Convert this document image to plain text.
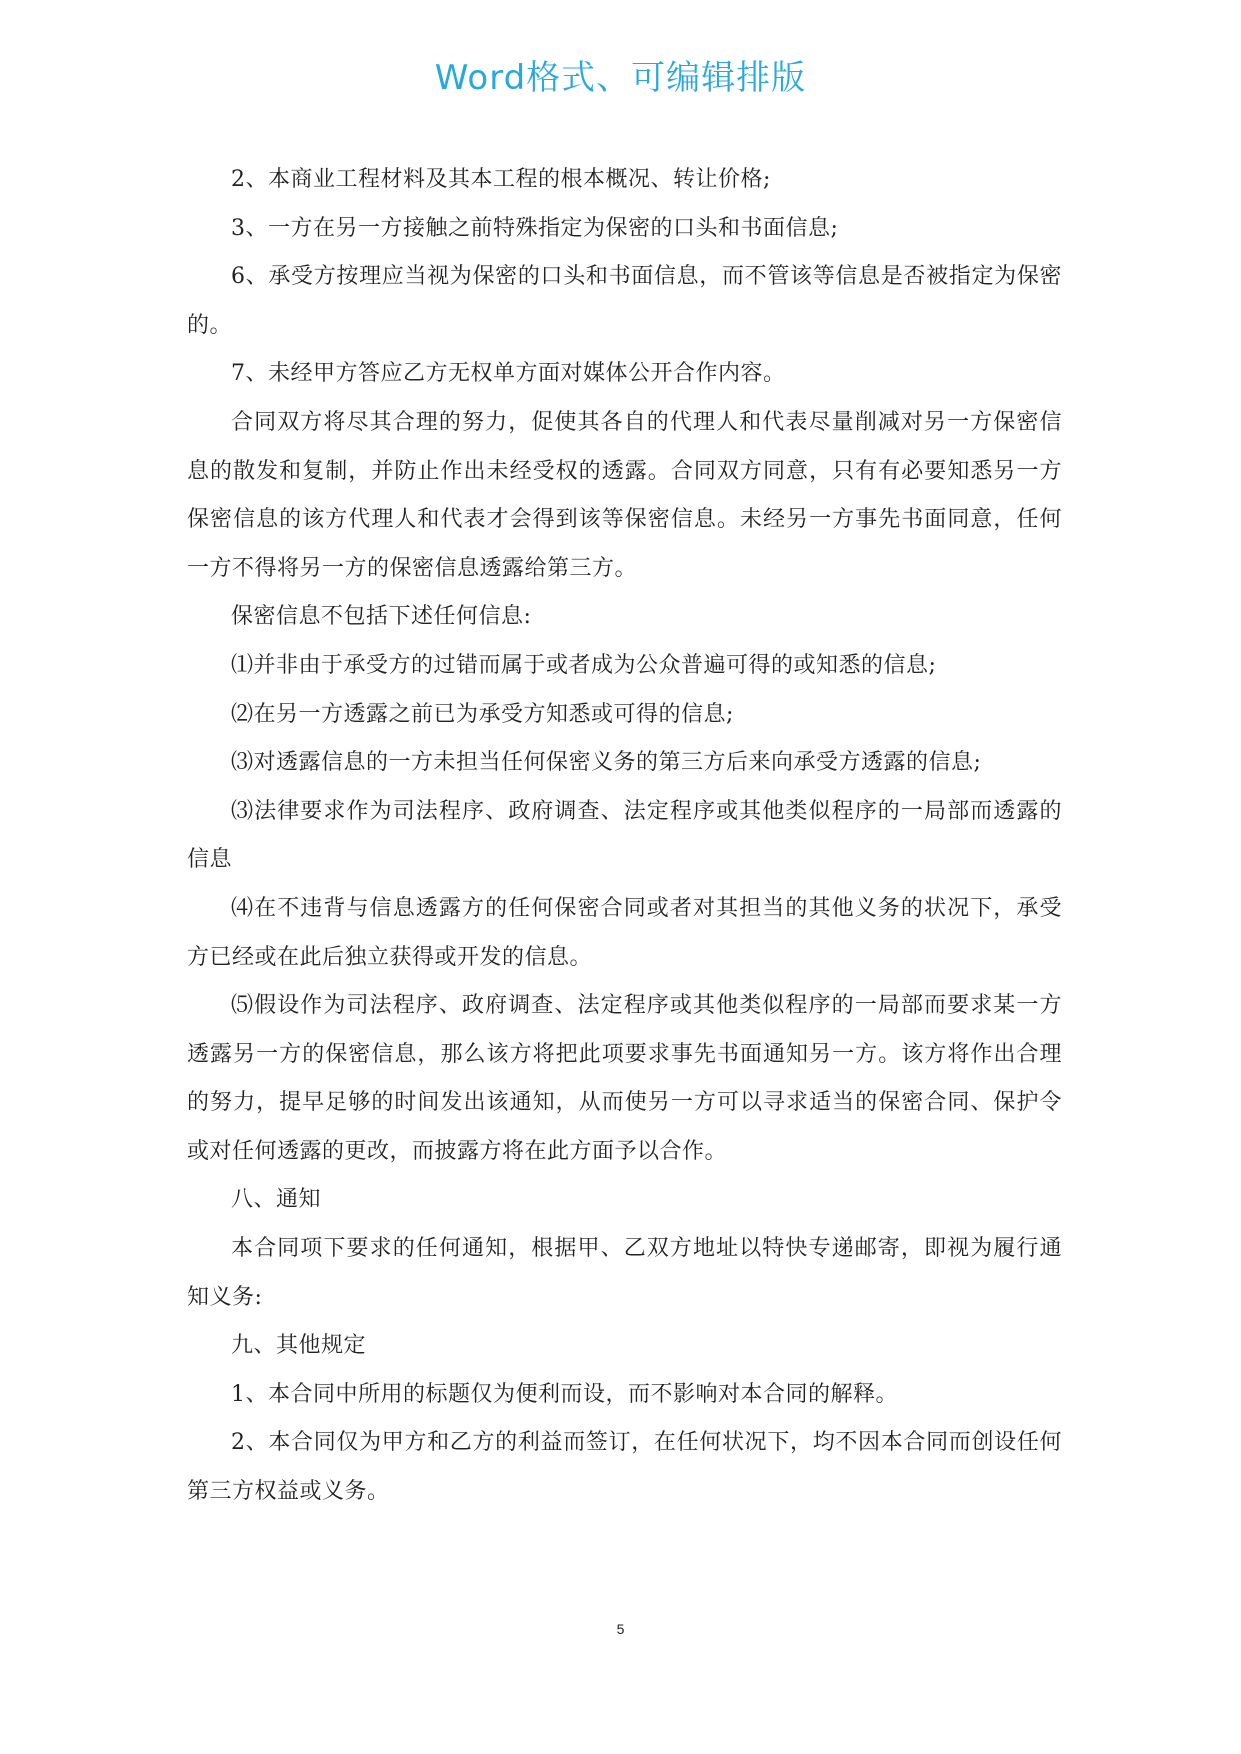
Word格式、可编辑排版

2、本商业工程材料及其本工程的根本概况、转让价格;

3、一方在另一方接触之前特殊指定为保密的口头和书面信息;

6、承受方按理应当视为保密的口头和书面信息，而不管该等信息是否被指定为保密的。

7、未经甲方答应乙方无权单方面对媒体公开合作内容。

合同双方将尽其合理的努力，促使其各自的代理人和代表尽量削减对另一方保密信息的散发和复制，并防止作出未经受权的透露。合同双方同意，只有有必要知悉另一方保密信息的该方代理人和代表才会得到该等保密信息。未经另一方事先书面同意，任何一方不得将另一方的保密信息透露给第三方。

保密信息不包括下述任何信息:

⑴并非由于承受方的过错而属于或者成为公众普遍可得的或知悉的信息;

⑵在另一方透露之前已为承受方知悉或可得的信息;

⑶对透露信息的一方未担当任何保密义务的第三方后来向承受方透露的信息;

⑶法律要求作为司法程序、政府调查、法定程序或其他类似程序的一局部而透露的信息

⑷在不违背与信息透露方的任何保密合同或者对其担当的其他义务的状况下，承受方已经或在此后独立获得或开发的信息。

⑸假设作为司法程序、政府调查、法定程序或其他类似程序的一局部而要求某一方透露另一方的保密信息，那么该方将把此项要求事先书面通知另一方。该方将作出合理的努力，提早足够的时间发出该通知，从而使另一方可以寻求适当的保密合同、保护令或对任何透露的更改，而披露方将在此方面予以合作。

八、通知

本合同项下要求的任何通知，根据甲、乙双方地址以特快专递邮寄，即视为履行通知义务:

九、其他规定

1、本合同中所用的标题仅为便利而设，而不影响对本合同的解释。

2、本合同仅为甲方和乙方的利益而签订，在任何状况下，均不因本合同而创设任何第三方权益或义务。

5
